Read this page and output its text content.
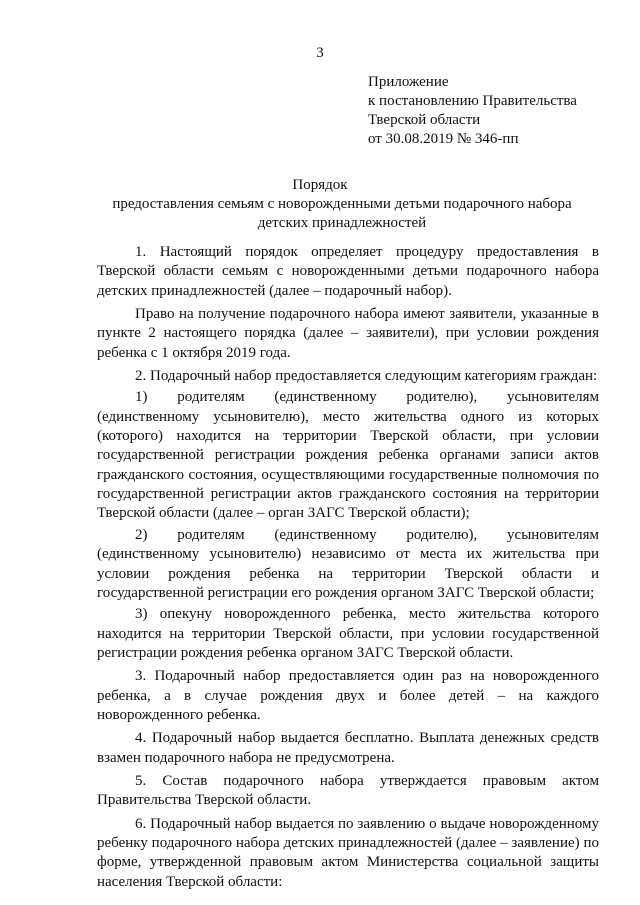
3
Приложение
к постановлению Правительства
Тверской области
от 30.08.2019 № 346-пп
Порядок
предоставления семьям с новорожденными детьми подарочного набора детских принадлежностей

1. Настоящий порядок определяет процедуру предоставления в Тверской области семьям с новорожденными детьми подарочного набора детских принадлежностей (далее – подарочный набор).

Право на получение подарочного набора имеют заявители, указанные в пункте 2 настоящего порядка (далее – заявители), при условии рождения ребенка с 1 октября 2019 года.

2. Подарочный набор предоставляется следующим категориям граждан:

1) родителям (единственному родителю), усыновителям (единственному усыновителю), место жительства одного из которых (которого) находится на территории Тверской области, при условии государственной регистрации рождения ребенка органами записи актов гражданского состояния, осуществляющими государственные полномочия по государственной регистрации актов гражданского состояния на территории Тверской области (далее – орган ЗАГС Тверской области);

2) родителям (единственному родителю), усыновителям (единственному усыновителю) независимо от места их жительства при условии рождения ребенка на территории Тверской области и государственной регистрации его рождения органом ЗАГС Тверской области;

3) опекуну новорожденного ребенка, место жительства которого находится на территории Тверской области, при условии государственной регистрации рождения ребенка органом ЗАГС Тверской области.

3. Подарочный набор предоставляется один раз на новорожденного ребенка, а в случае рождения двух и более детей – на каждого новорожденного ребенка.

4. Подарочный набор выдается бесплатно. Выплата денежных средств взамен подарочного набора не предусмотрена.

5. Состав подарочного набора утверждается правовым актом Правительства Тверской области.

6. Подарочный набор выдается по заявлению о выдаче новорожденному ребенку подарочного набора детских принадлежностей (далее – заявление) по форме, утвержденной правовым актом Министерства социальной защиты населения Тверской области:
